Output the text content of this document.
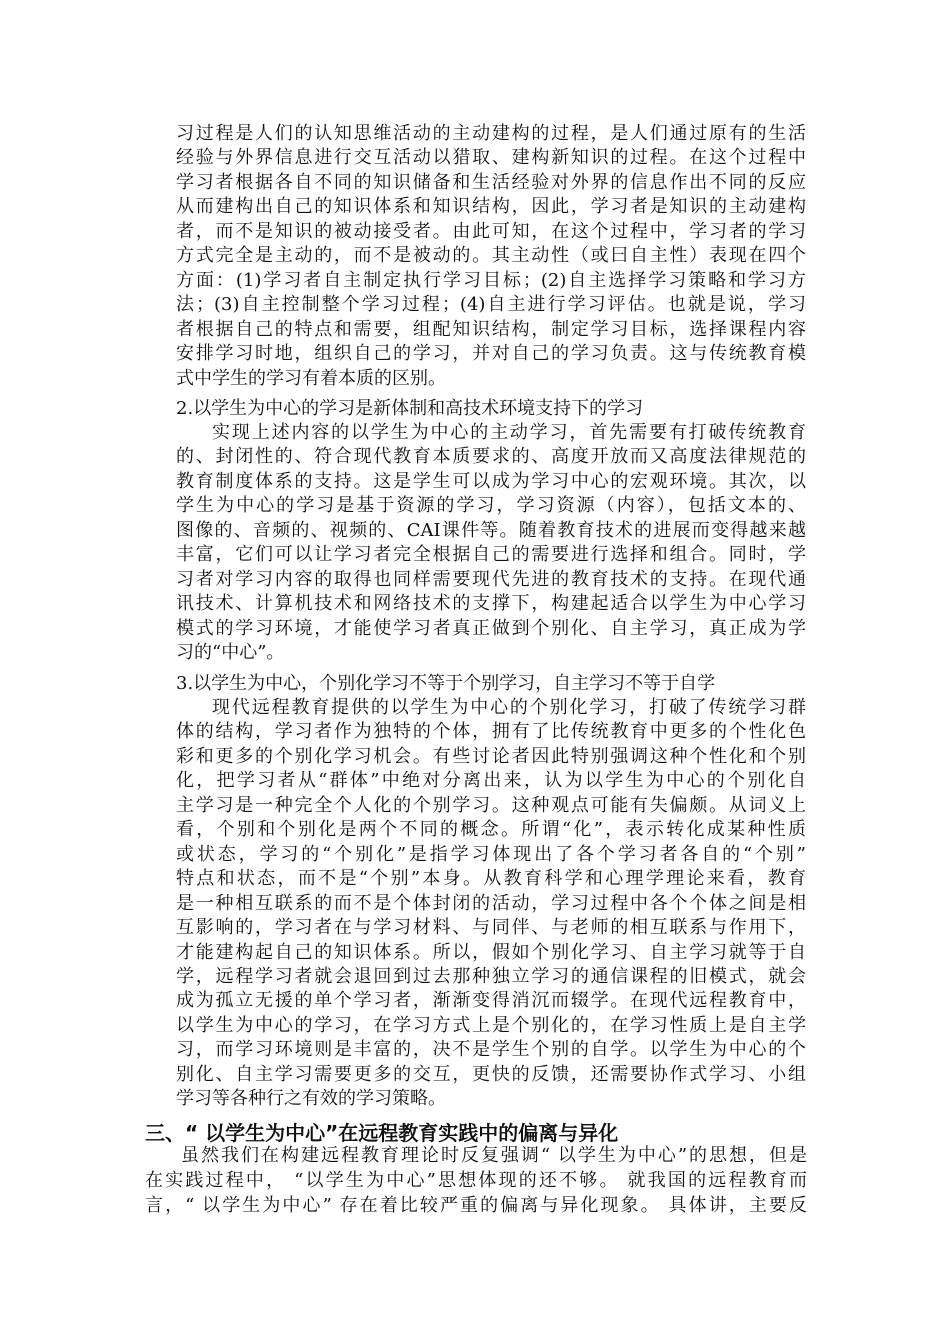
习过程是人们的认知思维活动的主动建构的过程，是人们通过原有的生活
经验与外界信息进行交互活动以猎取、建构新知识的过程。在这个过程中
学习者根据各自不同的知识储备和生活经验对外界的信息作出不同的反应
从而建构出自己的知识体系和知识结构，因此，学习者是知识的主动建构
者，而不是知识的被动接受者。由此可知，在这个过程中，学习者的学习
方式完全是主动的，而不是被动的。其主动性（或曰自主性）表现在四个
方面：(1)学习者自主制定执行学习目标；(2)自主选择学习策略和学习方
法；(3)自主控制整个学习过程；(4)自主进行学习评估。也就是说，学习
者根据自己的特点和需要，组配知识结构，制定学习目标，选择课程内容
安排学习时地，组织自己的学习，并对自己的学习负责。这与传统教育模
式中学生的学习有着本质的区别。
2.以学生为中心的学习是新体制和高技术环境支持下的学习
实现上述内容的以学生为中心的主动学习，首先需要有打破传统教育
的、封闭性的、符合现代教育本质要求的、高度开放而又高度法律规范的
教育制度体系的支持。这是学生可以成为学习中心的宏观环境。其次，以
学生为中心的学习是基于资源的学习，学习资源（内容），包括文本的、
图像的、音频的、视频的、CAI课件等。随着教育技术的进展而变得越来越
丰富，它们可以让学习者完全根据自己的需要进行选择和组合。同时，学
习者对学习内容的取得也同样需要现代先进的教育技术的支持。在现代通
讯技术、计算机技术和网络技术的支撑下，构建起适合以学生为中心学习
模式的学习环境，才能使学习者真正做到个别化、自主学习，真正成为学
习的“中心”。
3.以学生为中心，个别化学习不等于个别学习，自主学习不等于自学
现代远程教育提供的以学生为中心的个别化学习，打破了传统学习群
体的结构，学习者作为独特的个体，拥有了比传统教育中更多的个性化色
彩和更多的个别化学习机会。有些讨论者因此特别强调这种个性化和个别
化，把学习者从“群体”中绝对分离出来，认为以学生为中心的个别化自
主学习是一种完全个人化的个别学习。这种观点可能有失偏颇。从词义上
看，个别和个别化是两个不同的概念。所谓“化”，表示转化成某种性质
或状态，学习的“个别化”是指学习体现出了各个学习者各自的“个别”
特点和状态，而不是“个别”本身。从教育科学和心理学理论来看，教育
是一种相互联系的而不是个体封闭的活动，学习过程中各个个体之间是相
互影响的，学习者在与学习材料、与同伴、与老师的相互联系与作用下，
才能建构起自己的知识体系。所以，假如个别化学习、自主学习就等于自
学，远程学习者就会退回到过去那种独立学习的通信课程的旧模式，就会
成为孤立无援的单个学习者，渐渐变得消沉而辍学。在现代远程教育中，
以学生为中心的学习，在学习方式上是个别化的，在学习性质上是自主学
习，而学习环境则是丰富的，决不是学生个别的自学。以学生为中心的个
别化、自主学习需要更多的交互，更快的反馈，还需要协作式学习、小组
学习等各种行之有效的学习策略。
三、“ 以学生为中心”在远程教育实践中的偏离与异化
虽然我们在构建远程教育理论时反复强调“ 以学生为中心”的思想，但是
在实践过程中， “以学生为中心”思想体现的还不够。 就我国的远程教育而
言，“ 以学生为中心” 存在着比较严重的偏离与异化现象。 具体讲，主要反
